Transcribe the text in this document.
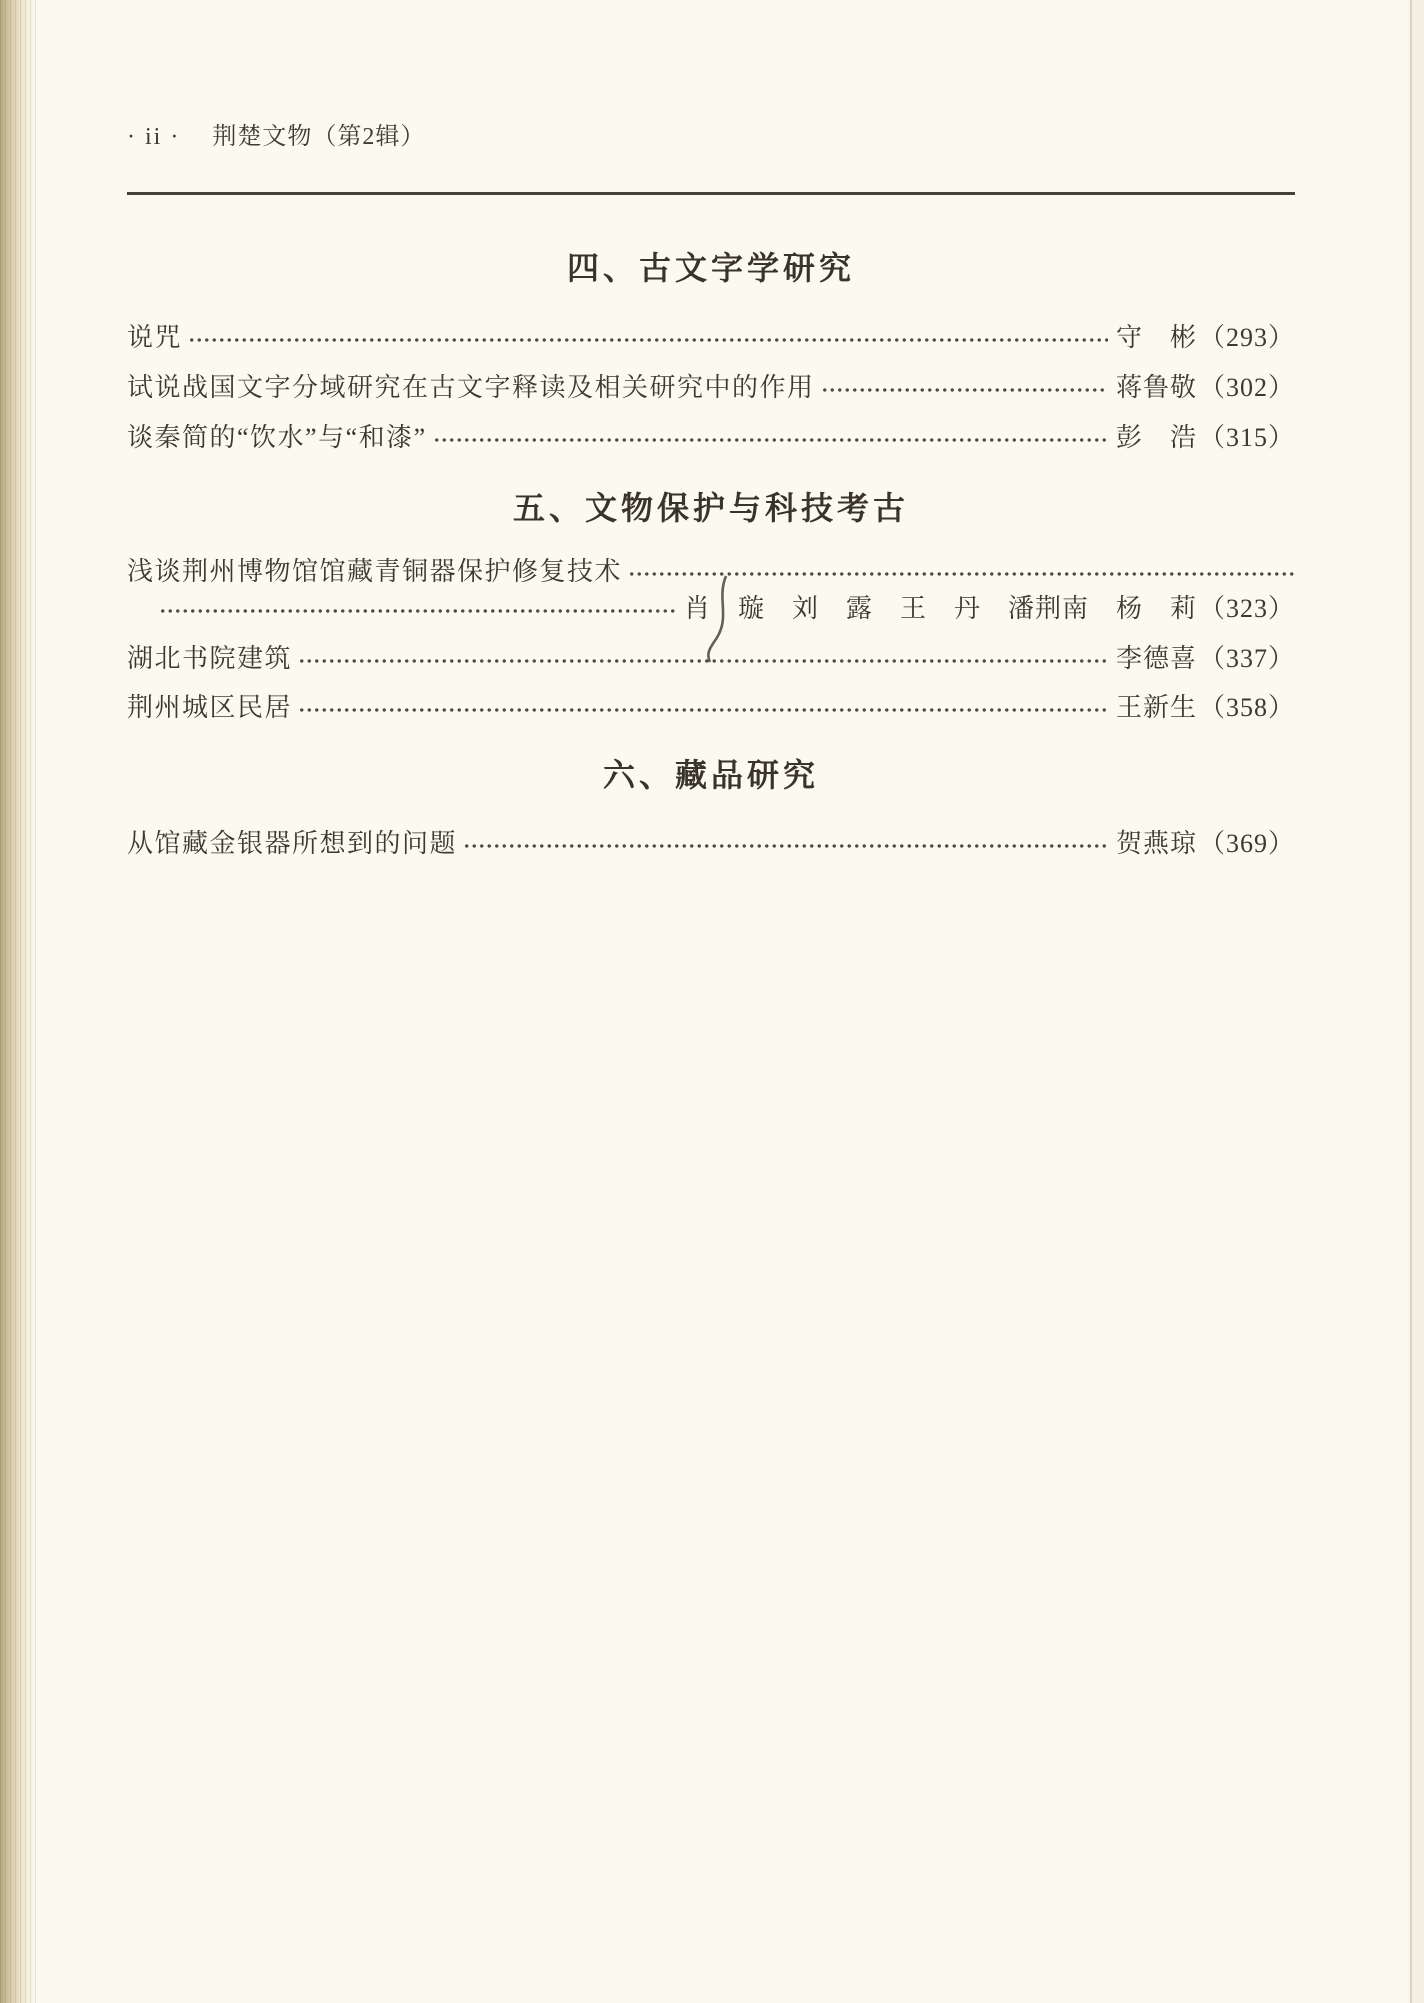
· ii · 荆楚文物（第2辑）
四、古文字学研究
说咒	守　彬 （293）
试说战国文字分域研究在古文字释读及相关研究中的作用	蒋鲁敬 （302）
谈秦简的“饮水”与“和漆”	彭　浩 （315）
五、文物保护与科技考古
浅谈荆州博物馆馆藏青铜器保护修复技术
肖　璇　刘　露　王　丹　潘荆南　杨　莉 （323）
湖北书院建筑	李德喜 （337）
荆州城区民居	王新生 （358）
六、藏品研究
从馆藏金银器所想到的问题	贺燕琼 （369）
